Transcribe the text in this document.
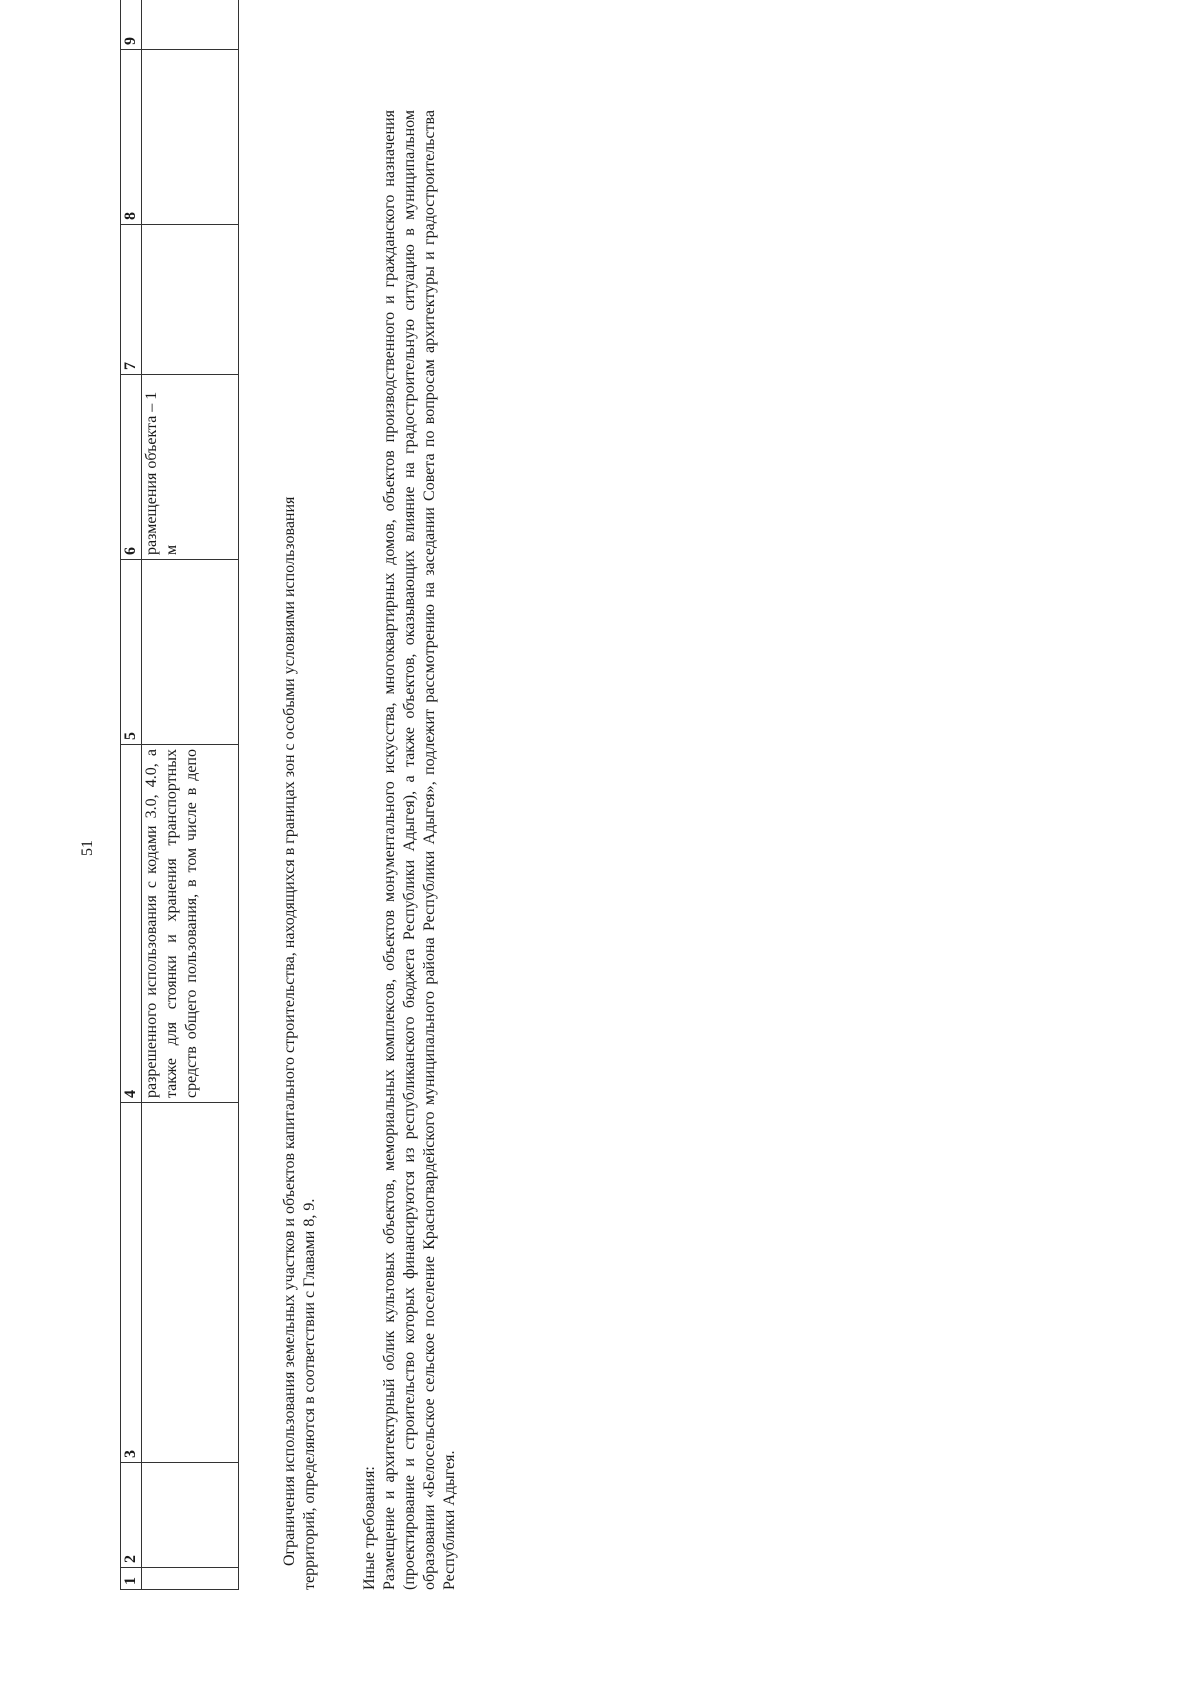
51
1	2	3	4	5	6	7	8	9

			разрешенного использования с кодами 3.0, 4.0, а также для стоянки и хранения транспортных средств общего пользования, в том числе в депо		размещения объекта – 1 м			
				Ограничения использования земельных участков и объектов капитального строительства, находящихся в границах зон с особыми условиями использования территорий, определяются в соответствии с Главами 8, 9.	Иные требования: Размещение и архитектурный облик культовых объектов, мемориальных комплексов, объектов монументального искусства, многоквартирных домов, объектов производственного и гражданского назначения (проектирование и строительство которых финансируются из республиканского бюджета Республики Адыгея), а также объектов, оказывающих влияние на градостроительную ситуацию в муниципальном образовании «Белосельское сельское поселение Красногвардейского муниципального района Республики Адыгея», подлежит рассмотрению на заседании Совета по вопросам архитектуры и градостроительства Республики Адыгея.
